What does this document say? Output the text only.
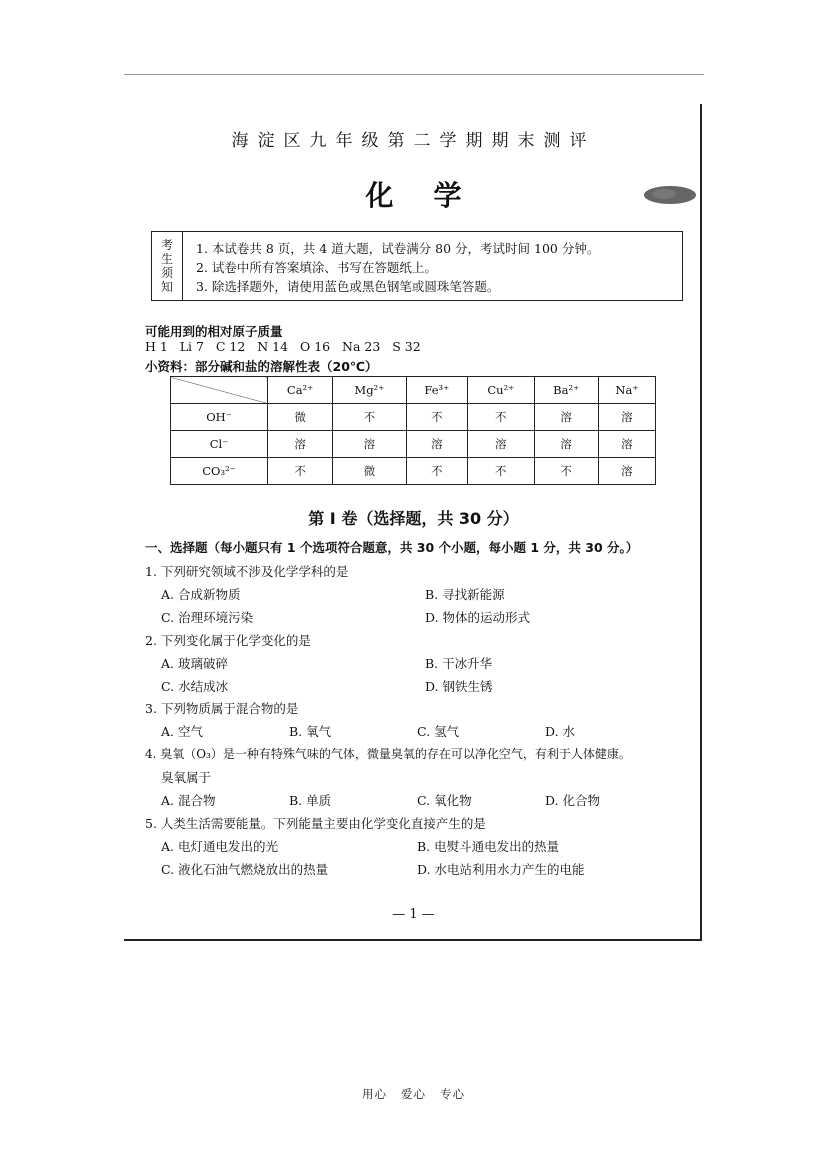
海淀区九年级第二学期期末测评
化学
考
生
须
知
1. 本试卷共 8 页，共 4 道大题，试卷满分 80 分，考试时间 100 分钟。
2. 试卷中所有答案填涂、书写在答题纸上。
3. 除选择题外，请使用蓝色或黑色钢笔或圆珠笔答题。
可能用到的相对原子质量
H 1   Li 7   C 12   N 14   O 16   Na 23   S 32
小资料：部分碱和盐的溶解性表（20℃）
	Ca²⁺	Mg²⁺	Fe³⁺	Cu²⁺	Ba²⁺	Na⁺
OH⁻	微	不	不	不	溶	溶
Cl⁻	溶	溶	溶	溶	溶	溶
CO₃²⁻	不	微	不	不	不	溶
第 I 卷（选择题，共 30 分）
一、选择题（每小题只有 1 个选项符合题意，共 30 个小题，每小题 1 分，共 30 分。）
1. 下列研究领域不涉及化学学科的是
A. 合成新物质	B. 寻找新能源
C. 治理环境污染	D. 物体的运动形式
2. 下列变化属于化学变化的是
A. 玻璃破碎	B. 干冰升华
C. 水结成冰	D. 钢铁生锈
3. 下列物质属于混合物的是
A. 空气	B. 氧气	C. 氢气	D. 水
4. 臭氧（O₃）是一种有特殊气味的气体，微量臭氧的存在可以净化空气，有利于人体健康。
臭氧属于
A. 混合物	B. 单质	C. 氧化物	D. 化合物
5. 人类生活需要能量。下列能量主要由化学变化直接产生的是
A. 电灯通电发出的光	B. 电熨斗通电发出的热量
C. 液化石油气燃烧放出的热量	D. 水电站利用水力产生的电能
— 1 —
用心   爱心   专心
